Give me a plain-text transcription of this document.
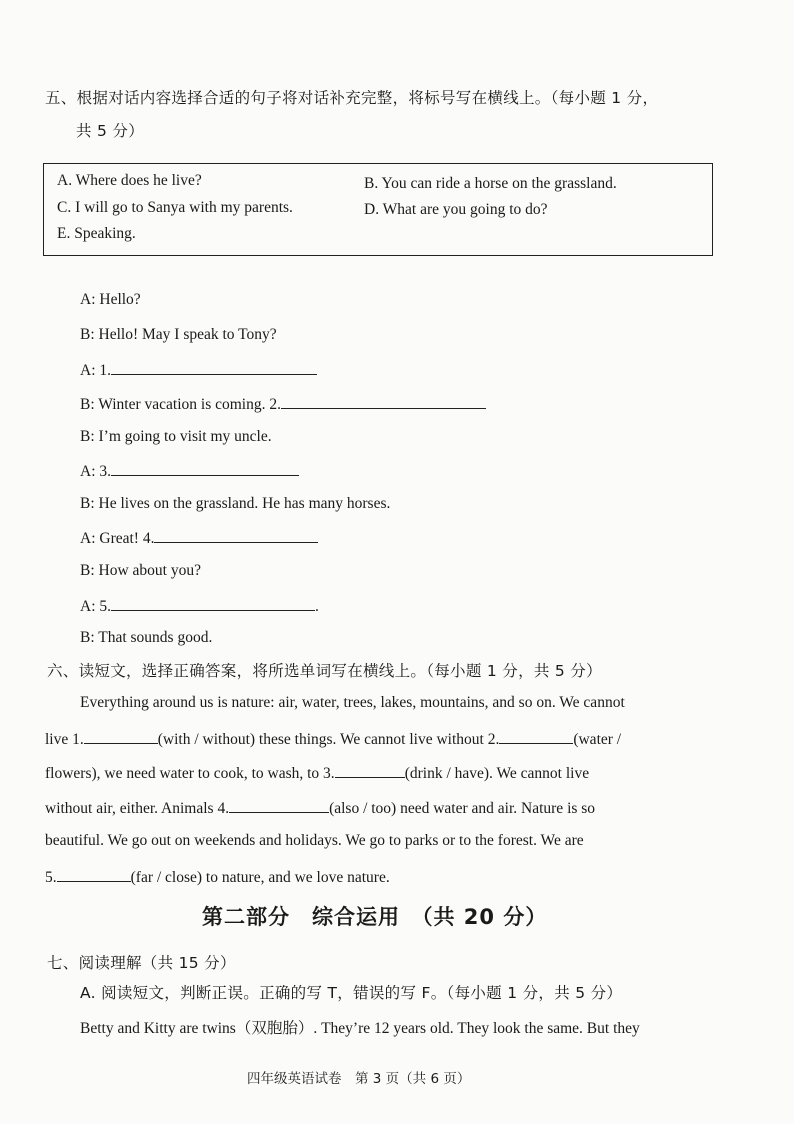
五、根据对话内容选择合适的句子将对话补充完整，将标号写在横线上。（每小题 1 分，
共 5 分）
A. Where does he live?	B. You can ride a horse on the grassland.
C. I will go to Sanya with my parents.	D. What are you going to do?
E. Speaking.
A: Hello?
B: Hello! May I speak to Tony?
A: 1.
B: Winter vacation is coming. 2.
B: I’m going to visit my uncle.
A: 3.
B: He lives on the grassland. He has many horses.
A: Great! 4.
B: How about you?
A: 5.	.
B: That sounds good.
六、读短文，选择正确答案，将所选单词写在横线上。（每小题 1 分，共 5 分）
Everything around us is nature: air, water, trees, lakes, mountains, and so on. We cannot
live 1.	(with / without) these things. We cannot live without 2.	(water /
flowers), we need water to cook, to wash, to 3.	(drink / have). We cannot live
without air, either. Animals 4.	(also / too) need water and air. Nature is so
beautiful. We go out on weekends and holidays. We go to parks or to the forest. We are
5.	(far / close) to nature, and we love nature.
第二部分　综合运用　（共 20 分）
七、阅读理解（共 15 分）
A. 阅读短文，判断正误。正确的写 T，错误的写 F。（每小题 1 分，共 5 分）
Betty and Kitty are twins（双胞胎）. They’re 12 years old. They look the same. But they
四年级英语试卷　第 3 页（共 6 页）
